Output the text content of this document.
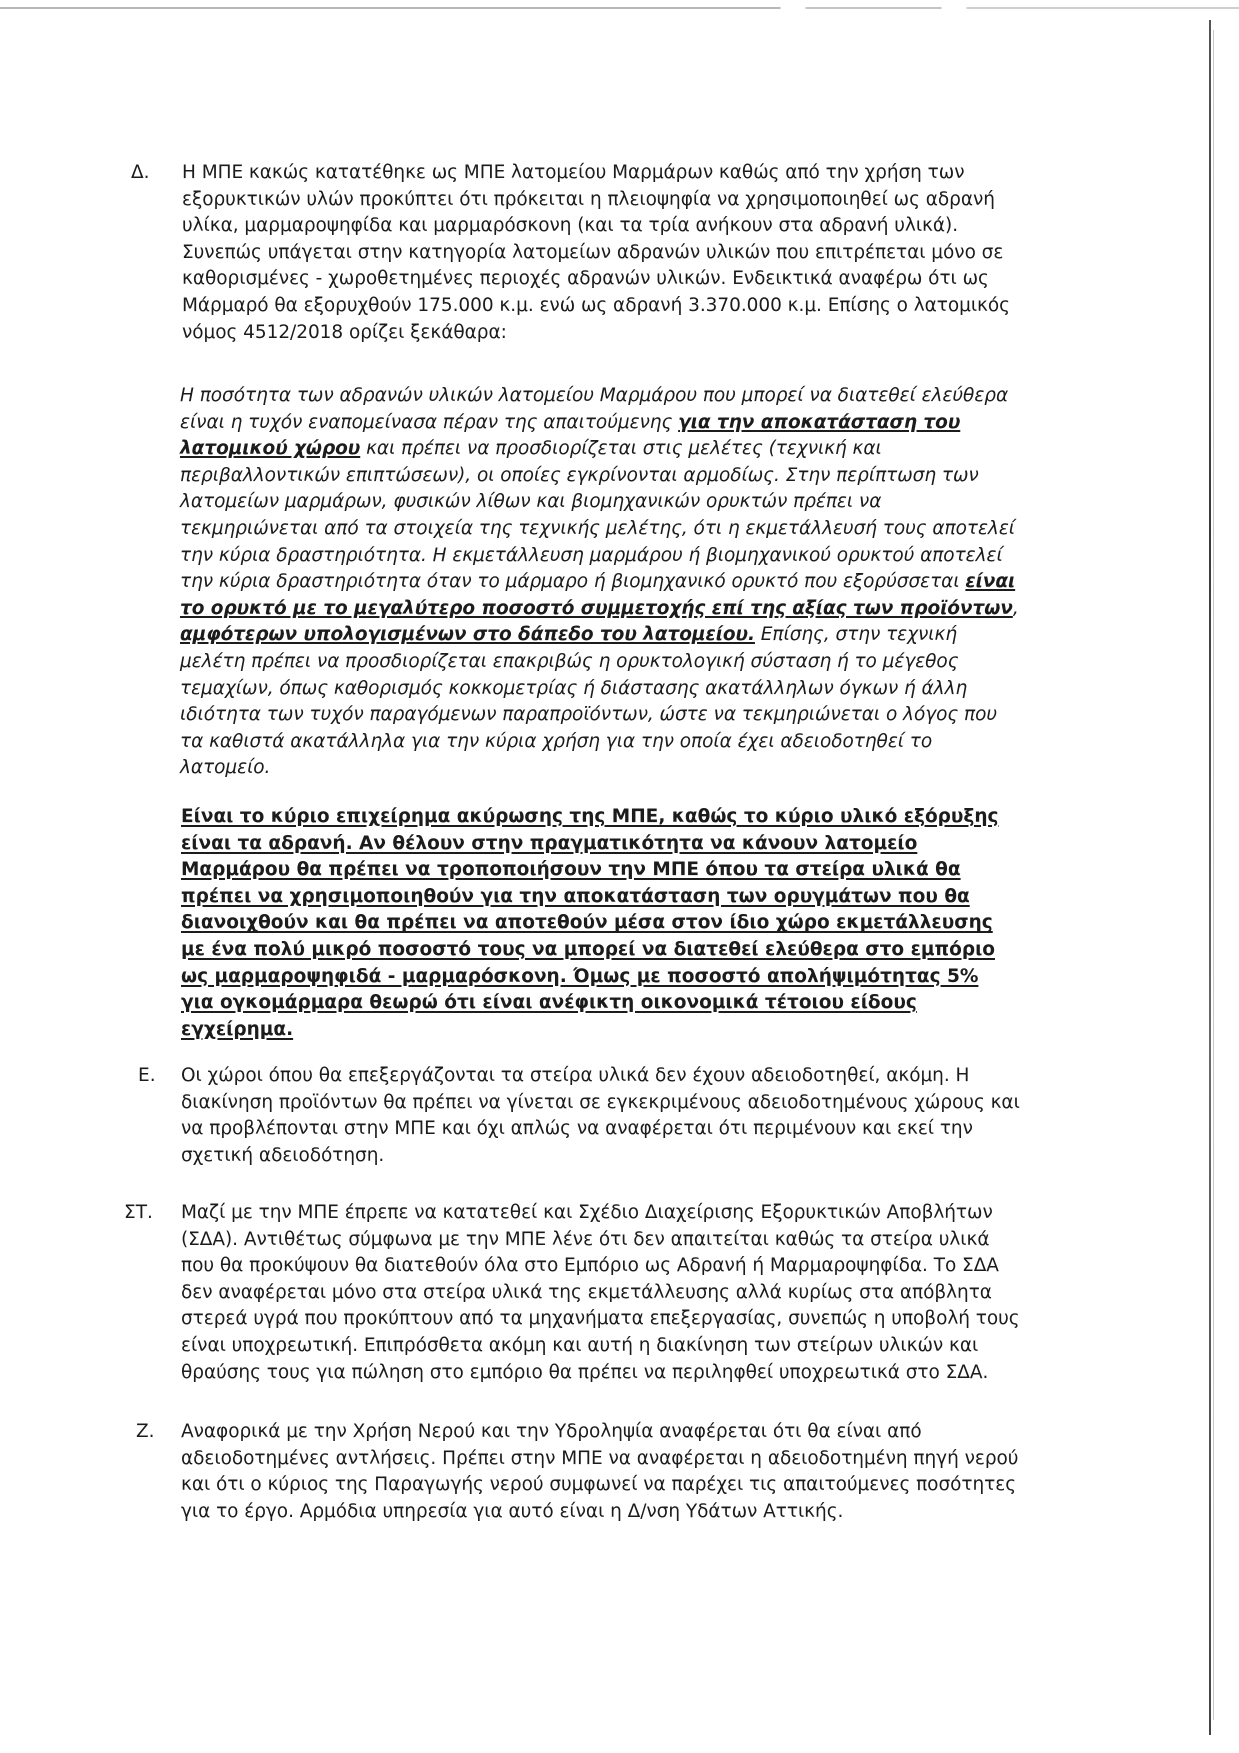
Δ. Η ΜΠΕ κακώς κατατέθηκε ως ΜΠΕ λατομείου Μαρμάρων καθώς από την χρήση των εξορυκτικών υλών προκύπτει ότι πρόκειται η πλειοψηφία να χρησιμοποιηθεί ως αδρανή υλίκα, μαρμαροψηφίδα και μαρμαρόσκονη (και τα τρία ανήκουν στα αδρανή υλικά). Συνεπώς υπάγεται στην κατηγορία λατομείων αδρανών υλικών που επιτρέπεται μόνο σε καθορισμένες - χωροθετημένες περιοχές αδρανών υλικών. Ενδεικτικά αναφέρω ότι ως Μάρμαρό θα εξορυχθούν 175.000 κ.μ. ενώ ως αδρανή 3.370.000 κ.μ. Επίσης ο λατομικός νόμος 4512/2018 ορίζει ξεκάθαρα:

Η ποσότητα των αδρανών υλικών λατομείου Μαρμάρου που μπορεί να διατεθεί ελεύθερα είναι η τυχόν εναπομείνασα πέραν της απαιτούμενης για την αποκατάσταση του λατομικού χώρου και πρέπει να προσδιορίζεται στις μελέτες (τεχνική και περιβαλλοντικών επιπτώσεων), οι οποίες εγκρίνονται αρμοδίως. Στην περίπτωση των λατομείων μαρμάρων, φυσικών λίθων και βιομηχανικών ορυκτών πρέπει να τεκμηριώνεται από τα στοιχεία της τεχνικής μελέτης, ότι η εκμετάλλευσή τους αποτελεί την κύρια δραστηριότητα. Η εκμετάλλευση μαρμάρου ή βιομηχανικού ορυκτού αποτελεί την κύρια δραστηριότητα όταν το μάρμαρο ή βιομηχανικό ορυκτό που εξορύσσεται είναι το ορυκτό με το μεγαλύτερο ποσοστό συμμετοχής επί της αξίας των προϊόντων, αμφότερων υπολογισμένων στο δάπεδο του λατομείου. Επίσης, στην τεχνική μελέτη πρέπει να προσδιορίζεται επακριβώς η ορυκτολογική σύσταση ή το μέγεθος τεμαχίων, όπως καθορισμός κοκκομετρίας ή διάστασης ακατάλληλων όγκων ή άλλη ιδιότητα των τυχόν παραγόμενων παραπροϊόντων, ώστε να τεκμηριώνεται ο λόγος που τα καθιστά ακατάλληλα για την κύρια χρήση για την οποία έχει αδειοδοτηθεί το λατομείο.

Είναι το κύριο επιχείρημα ακύρωσης της ΜΠΕ, καθώς το κύριο υλικό εξόρυξης είναι τα αδρανή. Αν θέλουν στην πραγματικότητα να κάνουν λατομείο Μαρμάρου θα πρέπει να τροποποιήσουν την ΜΠΕ όπου τα στείρα υλικά θα πρέπει να χρησιμοποιηθούν για την αποκατάσταση των ορυγμάτων που θα διανοιχθούν και θα πρέπει να αποτεθούν μέσα στον ίδιο χώρο εκμετάλλευσης με ένα πολύ μικρό ποσοστό τους να μπορεί να διατεθεί ελεύθερα στο εμπόριο ως μαρμαροψηφιδά - μαρμαρόσκονη. Όμως με ποσοστό απολήψιμότητας 5% για ογκομάρμαρα θεωρώ ότι είναι ανέφικτη οικονομικά τέτοιου είδους εγχείρημα.

Ε. Οι χώροι όπου θα επεξεργάζονται τα στείρα υλικά δεν έχουν αδειοδοτηθεί, ακόμη. Η διακίνηση προϊόντων θα πρέπει να γίνεται σε εγκεκριμένους αδειοδοτημένους χώρους και να προβλέπονται στην ΜΠΕ και όχι απλώς να αναφέρεται ότι περιμένουν και εκεί την σχετική αδειοδότηση.

ΣΤ. Μαζί με την ΜΠΕ έπρεπε να κατατεθεί και Σχέδιο Διαχείρισης Εξορυκτικών Αποβλήτων (ΣΔΑ). Αντιθέτως σύμφωνα με την ΜΠΕ λένε ότι δεν απαιτείται καθώς τα στείρα υλικά που θα προκύψουν θα διατεθούν όλα στο Εμπόριο ως Αδρανή ή Μαρμαροψηφίδα. Το ΣΔΑ δεν αναφέρεται μόνο στα στείρα υλικά της εκμετάλλευσης αλλά κυρίως στα απόβλητα στερεά υγρά που προκύπτουν από τα μηχανήματα επεξεργασίας, συνεπώς η υποβολή τους είναι υποχρεωτική. Επιπρόσθετα ακόμη και αυτή η διακίνηση των στείρων υλικών και θραύσης τους για πώληση στο εμπόριο θα πρέπει να περιληφθεί υποχρεωτικά στο ΣΔΑ.

Ζ. Αναφορικά με την Χρήση Νερού και την Υδροληψία αναφέρεται ότι θα είναι από αδειοδοτημένες αντλήσεις. Πρέπει στην ΜΠΕ να αναφέρεται η αδειοδοτημένη πηγή νερού και ότι ο κύριος της Παραγωγής νερού συμφωνεί να παρέχει τις απαιτούμενες ποσότητες για το έργο. Αρμόδια υπηρεσία για αυτό είναι η Δ/νση Υδάτων Αττικής.
